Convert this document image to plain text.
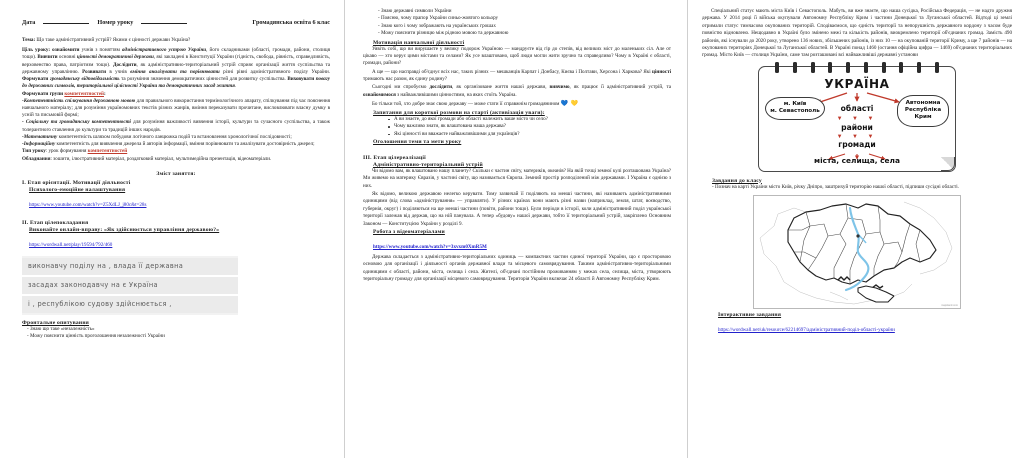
Дата	Номер уроку	Громадянська освіта 6 клас

Тема: Що таке адміністративний устрій? Якими є цінності держави Україна?

Ціль уроку: ознайомити учнів з поняттям адміністративного устрою України, його складниками (області, громади, райони, столиця тощо). Вивчити основні цінності демократичної держави, які закладені в Конституції України (гідність, свобода, рівність, справедливість, верховенство права, патріотизм тощо). Дослідити, як адміністративно-територіальний устрій сприяє організації життя суспільства та державному управлінню. Розвивати в учнів вміння аналізувати та порівнювати різні рівні адміністративного поділу України. Формувати громадянську відповідальність та розуміння значення демократичних цінностей для розвитку суспільства. Виховувати повагу до державних символів, територіальної цілісності України та демократичних засад життя.

Формувати групи компетентностей:

-Компетентність спілкування державною мовою для правильного використання термінологічного апарату, спілкування під час пояснення навчального матеріалу; для розуміння україномовних текстів різних жанрів, вміння переказувати прочитане, висловлювати власну думку в усній та письмовій формі;

- Соціальну та громадянську компетентності для розуміння важливості вивчення історії, культури та сучасного суспільства, а також толерантного ставлення до культури та традицій інших народів.

-Математичну компетентність шляхом побудови логічного ланцюжка подій та встановлення хронологічної послідовності;

-Інформаційну компетентність для виявлення джерела й авторів інформації, вміння порівнювати та аналізувати достовірність джерел;

Тип уроку: урок формування компетентностей

Обладнання: зошити, ілюстративний матеріал, роздатковий матеріал, мультимедійна презентація, відеоматеріали.

Зміст заняття:

І. Етап орієнтації. Мотивації діяльності

Психолого-емоційне налаштування

https://www.youtube.com/watch?v=Z5XdLJ_j80c&t=28s

ІІ. Етап цілепокладання

Виконайте онлайн-вправу: «Як здійснюється управління державою?»

https://wordwall.net/play/19594/792/460
виконавчу поділу на , влада її державна
засадах законодавчу на є Україна
і , республікою судову здійснюється ,

Фронтальне опитування

- Знаю що таке «незалежність»
- Можу пояснити цінність проголошення незалежності України
- Знаю державні символи України
- Поясню, чому прапор України синьо-жовтого кольору
- Знаю кого і чому зображають на українських грошах
- Можу пояснити різницю між рідною мовою та державною

Мотивація навчальної діяльності

Уявіть собі, що ви вирушаєте у велику подорож Україною — мандруєте від гір до степів, від великих міст до маленьких сіл. Але от цікаво — хто керує цими містами та селами? Як усе влаштовано, щоб люди могли жити зручно та справедливо? Чому в Україні є області, громади, райони?

А ще — що насправді об'єднує всіх нас, таких різних — мешканців Карпат і Донбасу, Києва і Полтави, Херсона і Харкова? Які цінності тримають нас разом, як єдину родину?

Сьогодні ми спробуємо дослідити, як організоване життя нашої держави, вивчимо, як працює її адміністративний устрій, та ознайомимося з найважливішими цінностями, на яких стоїть Україна.

Бо тільки той, хто добре знає свою державу — може стати її справжнім громадянином 💙 💛

Запитання для короткої розмови на старті (активізація уваги):

А ви знаєте, до якої громади або області належить ваше місто чи село?
Чому важливо знати, як влаштована наша держава?
Які цінності ви вважаєте найважливішими для українців?

Оголошення теми та мети уроку

ІІІ. Етап цілереалізації

Адміністративно-територіальний устрій

Чи відомо вам, як влаштовано нашу планету? Скільки є частин світу, материків, океанів? На якій точці земної кулі розташована Україна? Ми живемо на материку Євразія, у частині світу, що називається Європа. Земний простір розподілений між державами. І Україна є однією з них.

Як відомо, великою державою нелегко керувати. Тому зазвичай її поділяють на менші частини, які називають адміністративними одиницями (від слова «адміністрування» — управляти). У різних країнах вони мають різні назви (наприклад, земля, штат, воєводство, губернія, округ) і поділяються на ще менші частини (повіти, райони тощо). Були періоди в історії, коли адміністративний поділ української території залежав від держав, що на ній панувала. А тепер «будову» нашої держави, тобто її територіальний устрій, закріплено Основним Законом — Конституцією України у розділі 9.

Робота з відеоматеріалами

https://www.youtube.com/watch?v=3xvxm0XmR5M

Держава складається з адміністративно-територіальних одиниць — компактних частин єдиної території України, що є просторовою основою для організації і діяльності органів державної влади та місцевого самоврядування. Такими адміністративно-територіальними одиницями є області, райони, міста, селища і села. Жителі, об'єднані постійним проживанням у межах села, селища, міста, утворюють територіальну громаду для організації місцевого самоврядування. Територія України включає 24 області й Автономну Республіку Крим.

Спеціальний статус мають міста Київ і Севастополь. Мабуть, ви вже знаєте, що наша сусідка, Російська Федерація, — не надто дружня держава. У 2014 році її війська окупували Автономну Республіку Крим і частини Донецької та Луганської областей. Відтоді ці землі отримали статус тимчасово окупованих територій. Сподіваємося, що єдність території та непорушність державного кордону з часом буде повністю відновлено. Нещодавно в Україні було змінено межі та кількість районів, виокремлено території об'єднаних громад. Замість 490 районів, які існували до 2020 року, утворено 136 нових, збільшених районів, із них 10 — на окупованій території Криму, а ще 7 районів — на окупованих територіях Донецької та Луганської областей. В Україні понад 1460 (остання офіційна цифра — 1469) об'єднаних територіальних громад. Місто Київ — столиця України, саме там розташовані всі найважливіші державні установи

УКРАЇНА
м. Київ
м. Севастополь
Автономна
Республіка
Крим
області
▼ ▼ ▼
райони
▼ ▼ ▼
громади
міста, селища, села

Завдання до класу

- Познач на карті України місто Київ, річку Дніпро, заштрихуй територію нашої області, підпиши сусідні області.

mapsland.com

Інтерактивне завдання

https://wordwall.net/uk/resource/62214697/адміністративний-поділ-області-україни
